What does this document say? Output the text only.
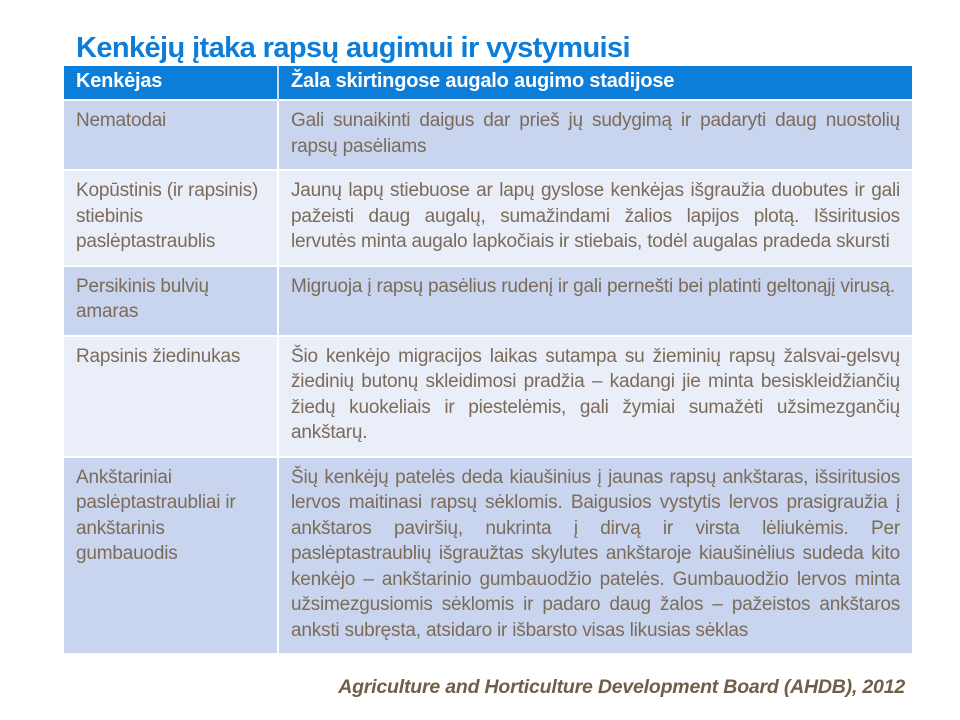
Kenkėjų įtaka rapsų augimui ir vystymuisi
Kenkėjas	Žala skirtingose augalo augimo stadijose
Nematodai	Gali sunaikinti daigus dar prieš jų sudygimą ir padaryti daug nuostolių rapsų pasėliams
Kopūstinis (ir rapsinis) stiebinis paslėptastraublis	Jaunų lapų stiebuose ar lapų gyslose kenkėjas išgraužia duobutes ir gali pažeisti daug augalų, sumažindami žalios lapijos plotą. Išsiritusios lervutės minta augalo lapkočiais ir stiebais, todėl augalas pradeda skursti
Persikinis bulvių amaras	Migruoja į rapsų pasėlius rudenį ir gali pernešti bei platinti geltonąjį virusą.
Rapsinis žiedinukas	Šio kenkėjo migracijos laikas sutampa su žieminių rapsų žalsvai-gelsvų žiedinių butonų skleidimosi pradžia – kadangi jie minta besiskleidžiančių žiedų kuokeliais ir piestelėmis, gali žymiai sumažėti užsimezgančių ankštarų.
Ankštariniai paslėptastraubliai ir ankštarinis gumbauodis	Šių kenkėjų patelės deda kiaušinius į jaunas rapsų ankštaras, išsiritusios lervos maitinasi rapsų sėklomis. Baigusios vystytis lervos prasigraužia į ankštaros paviršių, nukrinta į dirvą ir virsta lėliukėmis. Per paslėptastraublių išgraužtas skylutes ankštaroje kiaušinėlius sudeda kito kenkėjo – ankštarinio gumbauodžio patelės. Gumbauodžio lervos minta užsimezgusiomis sėklomis ir padaro daug žalos – pažeistos ankštaros anksti subręsta, atsidaro ir išbarsto visas likusias sėklas
Agriculture and Horticulture Development Board (AHDB), 2012
